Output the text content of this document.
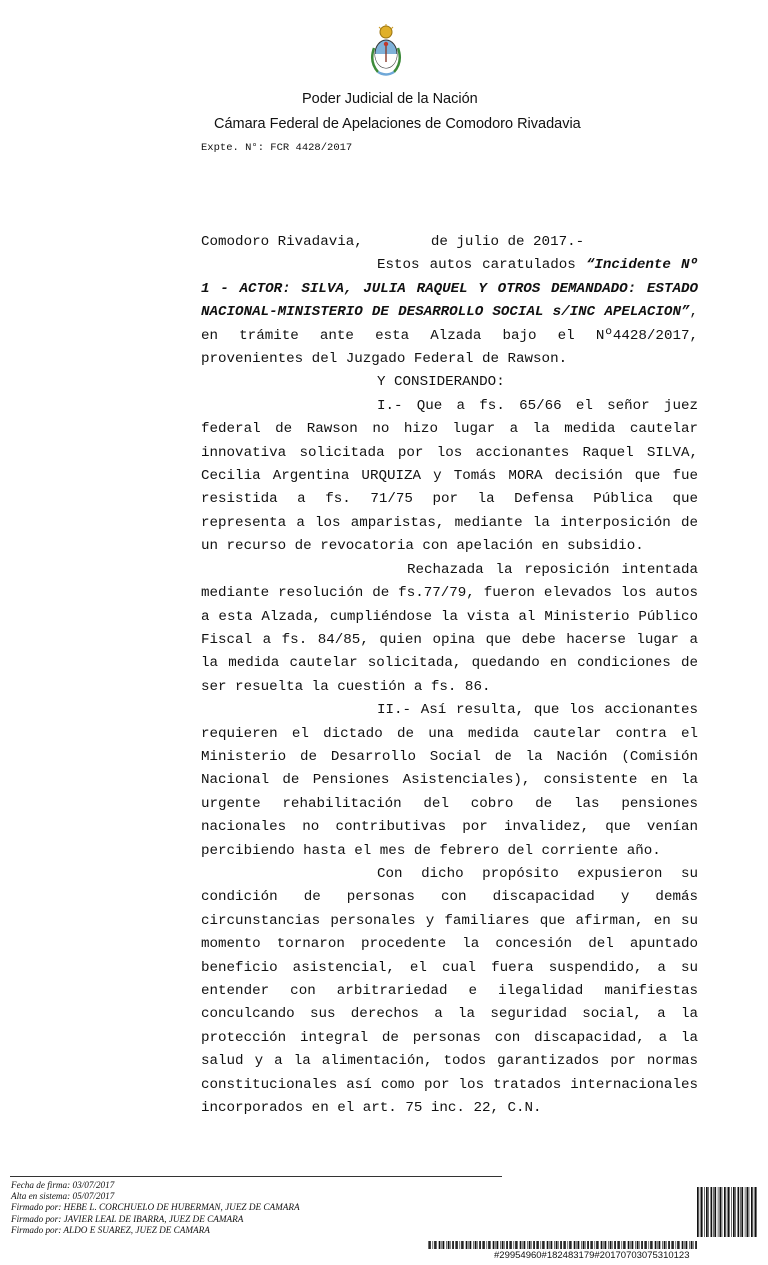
Poder Judicial de la Nación
Cámara Federal de Apelaciones de Comodoro Rivadavia
Expte. N°: FCR 4428/2017

Comodoro Rivadavia,        de julio de 2017.-

Estos autos caratulados “Incidente Nº 1 - ACTOR: SILVA, JULIA RAQUEL Y OTROS DEMANDADO: ESTADO NACIONAL-MINISTERIO DE DESARROLLO SOCIAL s/INC APELACION”, en trámite ante esta Alzada bajo el Nº4428/2017, provenientes del Juzgado Federal de Rawson.

Y CONSIDERANDO:

I.- Que a fs. 65/66 el señor juez federal de Rawson no hizo lugar a la medida cautelar innovativa solicitada por los accionantes Raquel SILVA, Cecilia Argentina URQUIZA y Tomás MORA decisión que fue resistida a fs. 71/75 por la Defensa Pública que representa a los amparistas, mediante la interposición de un recurso de revocatoria con apelación en subsidio.

Rechazada la reposición intentada mediante resolución de fs.77/79, fueron elevados los autos a esta Alzada, cumpliéndose la vista al Ministerio Público Fiscal a fs. 84/85, quien opina que debe hacerse lugar a la medida cautelar solicitada, quedando en condiciones de ser resuelta la cuestión a fs. 86.

II.- Así resulta, que los accionantes requieren el dictado de una medida cautelar contra el Ministerio de Desarrollo Social de la Nación (Comisión Nacional de Pensiones Asistenciales), consistente en la urgente rehabilitación del cobro de las pensiones nacionales no contributivas por invalidez, que venían percibiendo hasta el mes de febrero del corriente año.

Con dicho propósito expusieron su condición de personas con discapacidad y demás circunstancias personales y familiares que afirman, en su momento tornaron procedente la concesión del apuntado beneficio asistencial, el cual fuera suspendido, a su entender con arbitrariedad e ilegalidad manifiestas conculcando sus derechos a la seguridad social, a la protección integral de personas con discapacidad, a la salud y a la alimentación, todos garantizados por normas constitucionales así como por los tratados internacionales incorporados en el art. 75 inc. 22, C.N.

Fecha de firma: 03/07/2017
Alta en sistema: 05/07/2017
Firmado por: HEBE L. CORCHUELO DE HUBERMAN, JUEZ DE CAMARA
Firmado por: JAVIER LEAL DE IBARRA, JUEZ DE CAMARA
Firmado por: ALDO E SUAREZ, JUEZ DE CAMARA
#29954960#182483179#20170703075310123
